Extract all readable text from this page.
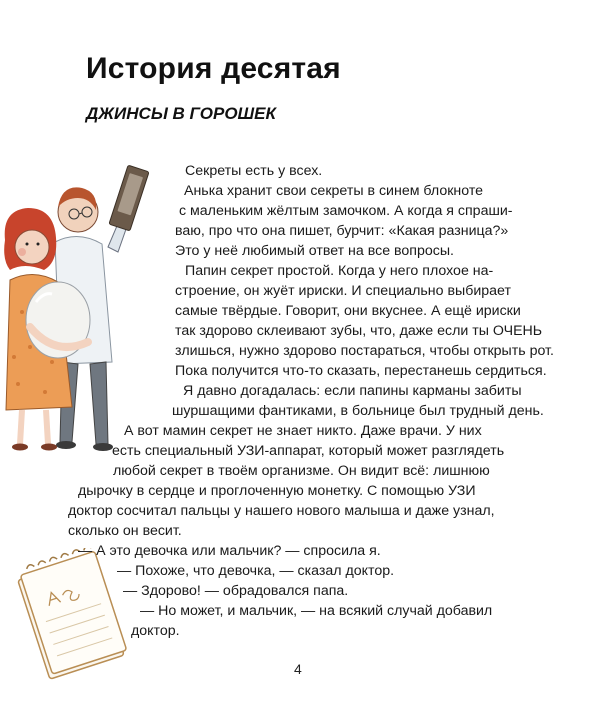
История десятая
ДЖИНСЫ В ГОРОШЕК

Секреты есть у всех.

Анька хранит свои секреты в синем блокноте

с маленьким жёлтым замочком. А когда я спраши-

ваю, про что она пишет, бурчит: «Какая разница?»

Это у неё любимый ответ на все вопросы.

Папин секрет простой. Когда у него плохое на-

строение, он жуёт ириски. И специально выбирает

самые твёрдые. Говорит, они вкуснее. А ещё ириски

так здорово склеивают зубы, что, даже если ты ОЧЕНЬ

злишься, нужно здорово постараться, чтобы открыть рот.

Пока получится что-то сказать, перестанешь сердиться.

Я давно догадалась: если папины карманы забиты

шуршащими фантиками, в больнице был трудный день.

А вот мамин секрет не знает никто. Даже врачи. У них

есть специальный УЗИ-аппарат, который может разглядеть

любой секрет в твоём организме. Он видит всё: лишнюю

дырочку в сердце и проглоченную монетку. С помощью УЗИ

доктор сосчитал пальцы у нашего нового малыша и даже узнал,

сколько он весит.

— А это девочка или мальчик? — спросила я.

— Похоже, что девочка, — сказал доктор.

— Здорово! — обрадовался папа.

— Но может, и мальчик, — на всякий случай добавил

доктор.

4
